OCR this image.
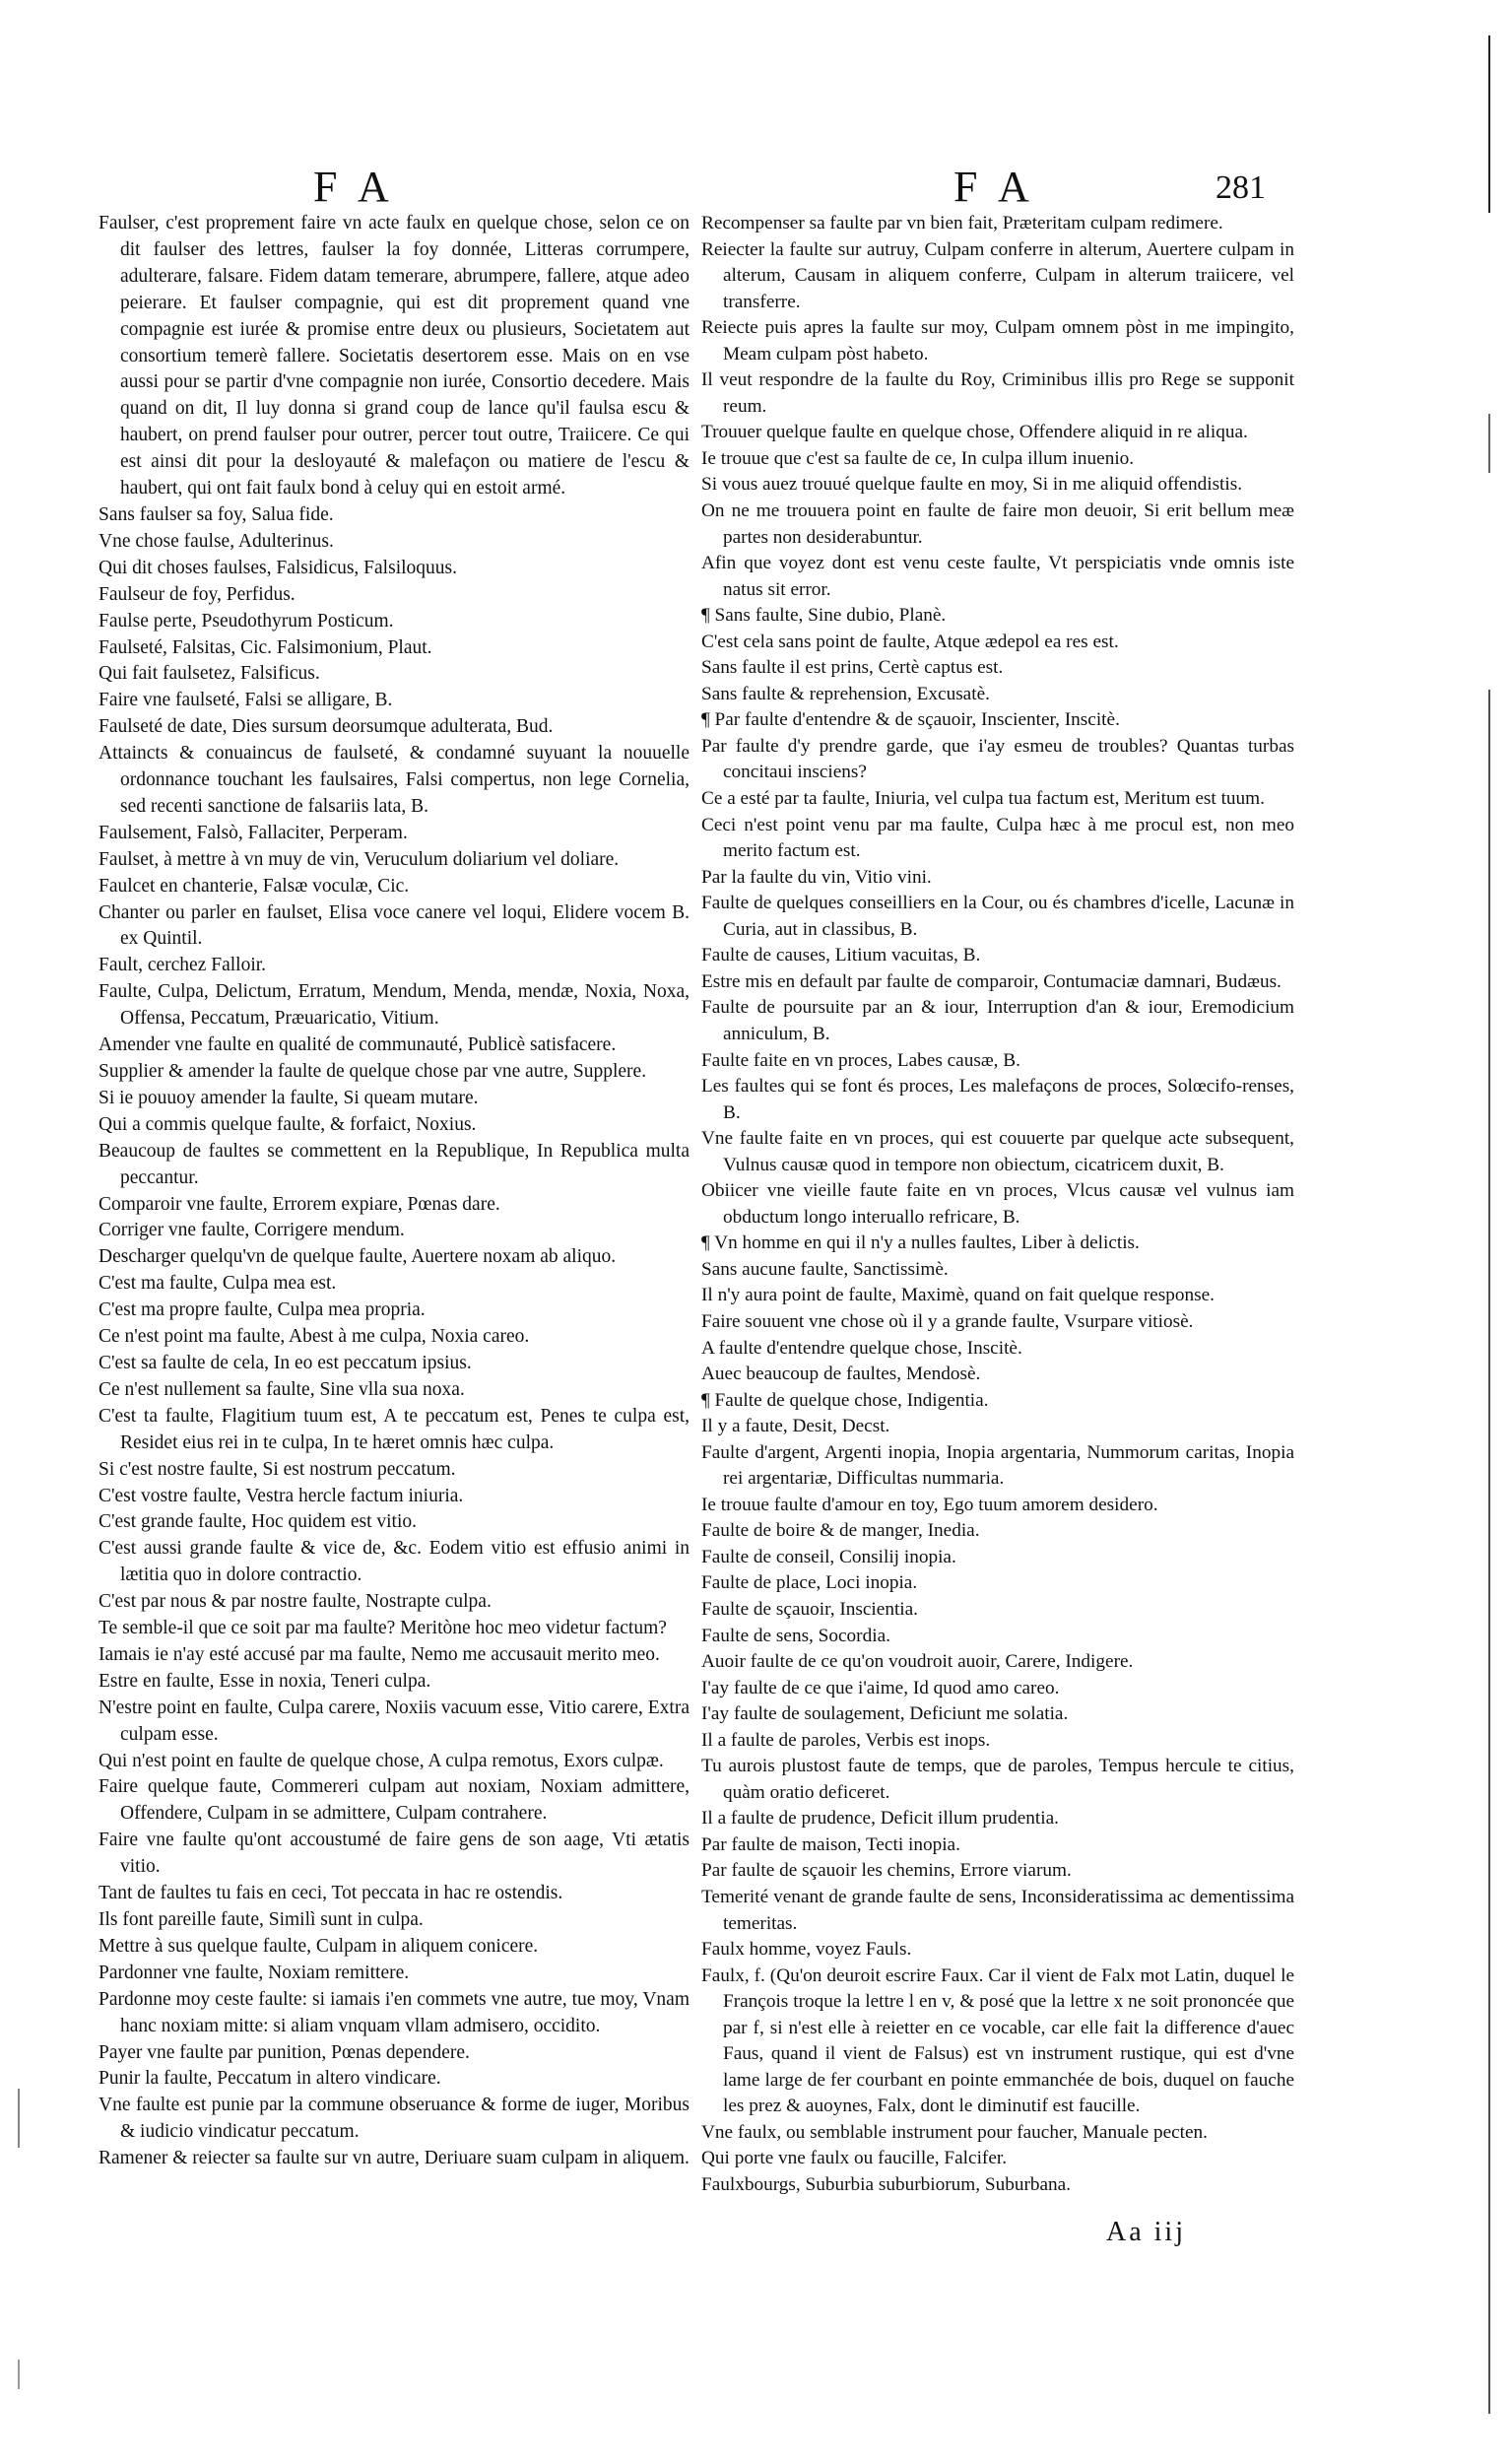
F A	F A	281
Faulser, c'est proprement faire vn acte faulx en quelque chose, selon ce on dit faulser des lettres, faulser la foy donnée, Litteras corrumpere, adulterare, falsare. Fidem datam temerare, abrumpere, fallere, atque adeo peierare. Et faulser compagnie, qui est dit proprement quand vne compagnie est iurée & promise entre deux ou plusieurs, Societatem aut consortium temerè fallere. Societatis desertorem esse. Mais on en vse aussi pour se partir d'vne compagnie non iurée, Consortio decedere. Mais quand on dit, Il luy donna si grand coup de lance qu'il faulsa escu & haubert, on prend faulser pour outrer, percer tout outre, Traiicere. Ce qui est ainsi dit pour la desloyauté & malefaçon ou matiere de l'escu & haubert, qui ont fait faulx bond à celuy qui en estoit armé.
Sans faulser sa foy, Salua fide.
Vne chose faulse, Adulterinus.
Qui dit choses faulses, Falsidicus, Falsiloquus.
Faulseur de foy, Perfidus.
Faulse perte, Pseudothyrum Posticum.
Faulseté, Falsitas, Cic. Falsimonium, Plaut.
Qui fait faulsetez, Falsificus.
Faire vne faulseté, Falsi se alligare, B.
Faulseté de date, Dies sursum deorsumque adulterata, Bud.
Attaincts & conuaincus de faulseté, & condamné suyuant la nouuelle ordonnance touchant les faulsaires, Falsi compertus, non lege Cornelia, sed recenti sanctione de falsariis lata, B.
Faulsement, Falsò, Fallaciter, Perperam.
Faulset, à mettre à vn muy de vin, Veruculum doliarium vel doliare.
Faulcet en chanterie, Falsæ voculæ, Cic.
Chanter ou parler en faulset, Elisa voce canere vel loqui, Elidere vocem B. ex Quintil.
Fault, cerchez Falloir.
Faulte, Culpa, Delictum, Erratum, Mendum, Menda, mendæ, Noxia, Noxa, Offensa, Peccatum, Præuaricatio, Vitium.
Amender vne faulte en qualité de communauté, Publicè satisfacere.
Supplier & amender la faulte de quelque chose par vne autre, Supplere.
Si ie pouuoy amender la faulte, Si queam mutare.
Qui a commis quelque faulte, & forfaict, Noxius.
Beaucoup de faultes se commettent en la Republique, In Republica multa peccantur.
Comparoir vne faulte, Errorem expiare, Pœnas dare.
Corriger vne faulte, Corrigere mendum.
Descharger quelqu'vn de quelque faulte, Auertere noxam ab aliquo.
C'est ma faulte, Culpa mea est.
C'est ma propre faulte, Culpa mea propria.
Ce n'est point ma faulte, Abest à me culpa, Noxia careo.
C'est sa faulte de cela, In eo est peccatum ipsius.
Ce n'est nullement sa faulte, Sine vlla sua noxa.
C'est ta faulte, Flagitium tuum est, A te peccatum est, Penes te culpa est, Residet eius rei in te culpa, In te hæret omnis hæc culpa.
Si c'est nostre faulte, Si est nostrum peccatum.
C'est vostre faulte, Vestra hercle factum iniuria.
C'est grande faulte, Hoc quidem est vitio.
C'est aussi grande faulte & vice de, &c. Eodem vitio est effusio animi in lætitia quo in dolore contractio.
C'est par nous & par nostre faulte, Nostrapte culpa.
Te semble-il que ce soit par ma faulte? Meritòne hoc meo videtur factum?
Iamais ie n'ay esté accusé par ma faulte, Nemo me accusauit merito meo.
Estre en faulte, Esse in noxia, Teneri culpa.
N'estre point en faulte, Culpa carere, Noxiis vacuum esse, Vitio carere, Extra culpam esse.
Qui n'est point en faulte de quelque chose, A culpa remotus, Exors culpæ.
Faire quelque faute, Commereri culpam aut noxiam, Noxiam admittere, Offendere, Culpam in se admittere, Culpam contrahere.
Faire vne faulte qu'ont accoustumé de faire gens de son aage, Vti ætatis vitio.
Tant de faultes tu fais en ceci, Tot peccata in hac re ostendis.
Ils font pareille faute, Similì sunt in culpa.
Mettre à sus quelque faulte, Culpam in aliquem conicere.
Pardonner vne faulte, Noxiam remittere.
Pardonne moy ceste faulte: si iamais i'en commets vne autre, tue moy, Vnam hanc noxiam mitte: si aliam vnquam vllam admisero, occidito.
Payer vne faulte par punition, Pœnas dependere.
Punir la faulte, Peccatum in altero vindicare.
Vne faulte est punie par la commune obseruance & forme de iuger, Moribus & iudicio vindicatur peccatum.
Ramener & reiecter sa faulte sur vn autre, Deriuare suam culpam in aliquem.
Recompenser sa faulte par vn bien fait, Præteritam culpam redimere.
Reiecter la faulte sur autruy, Culpam conferre in alterum, Auertere culpam in alterum, Causam in aliquem conferre, Culpam in alterum traiicere, vel transferre.
Reiecte puis apres la faulte sur moy, Culpam omnem pòst in me impingito, Meam culpam pòst habeto.
Il veut respondre de la faulte du Roy, Criminibus illis pro Rege se supponit reum.
Trouuer quelque faulte en quelque chose, Offendere aliquid in re aliqua.
Ie trouue que c'est sa faulte de ce, In culpa illum inuenio.
Si vous auez trouué quelque faulte en moy, Si in me aliquid offendistis.
On ne me trouuera point en faulte de faire mon deuoir, Si erit bellum meæ partes non desiderabuntur.
Afin que voyez dont est venu ceste faulte, Vt perspiciatis vnde omnis iste natus sit error.
¶ Sans faulte, Sine dubio, Planè.
C'est cela sans point de faulte, Atque ædepol ea res est.
Sans faulte il est prins, Certè captus est.
Sans faulte & reprehension, Excusatè.
¶ Par faulte d'entendre & de sçauoir, Inscienter, Inscitè.
Par faulte d'y prendre garde, que i'ay esmeu de troubles? Quantas turbas concitaui insciens?
Ce a esté par ta faulte, Iniuria, vel culpa tua factum est, Meritum est tuum.
Ceci n'est point venu par ma faulte, Culpa hæc à me procul est, non meo merito factum est.
Par la faulte du vin, Vitio vini.
Faulte de quelques conseilliers en la Cour, ou és chambres d'icelle, Lacunæ in Curia, aut in classibus, B.
Faulte de causes, Litium vacuitas, B.
Estre mis en default par faulte de comparoir, Contumaciæ damnari, Budæus.
Faulte de poursuite par an & iour, Interruption d'an & iour, Eremodicium anniculum, B.
Faulte faite en vn proces, Labes causæ, B.
Les faultes qui se font és proces, Les malefaçons de proces, Solœcifo-renses, B.
Vne faulte faite en vn proces, qui est couuerte par quelque acte subsequent, Vulnus causæ quod in tempore non obiectum, cicatricem duxit, B.
Obiicer vne vieille faute faite en vn proces, Vlcus causæ vel vulnus iam obductum longo interuallo refricare, B.
¶ Vn homme en qui il n'y a nulles faultes, Liber à delictis.
Sans aucune faulte, Sanctissimè.
Il n'y aura point de faulte, Maximè, quand on fait quelque response.
Faire souuent vne chose où il y a grande faulte, Vsurpare vitiosè.
A faulte d'entendre quelque chose, Inscitè.
Auec beaucoup de faultes, Mendosè.
¶ Faulte de quelque chose, Indigentia.
Il y a faute, Desit, Decst.
Faulte d'argent, Argenti inopia, Inopia argentaria, Nummorum caritas, Inopia rei argentariæ, Difficultas nummaria.
Ie trouue faulte d'amour en toy, Ego tuum amorem desidero.
Faulte de boire & de manger, Inedia.
Faulte de conseil, Consilij inopia.
Faulte de place, Loci inopia.
Faulte de sçauoir, Inscientia.
Faulte de sens, Socordia.
Auoir faulte de ce qu'on voudroit auoir, Carere, Indigere.
I'ay faulte de ce que i'aime, Id quod amo careo.
I'ay faulte de soulagement, Deficiunt me solatia.
Il a faulte de paroles, Verbis est inops.
Tu aurois plustost faute de temps, que de paroles, Tempus hercule te citius, quàm oratio deficeret.
Il a faulte de prudence, Deficit illum prudentia.
Par faulte de maison, Tecti inopia.
Par faulte de sçauoir les chemins, Errore viarum.
Temerité venant de grande faulte de sens, Inconsideratissima ac dementissima temeritas.
Faulx homme, voyez Fauls.
Faulx, f. (Qu'on deuroit escrire Faux. Car il vient de Falx mot Latin, duquel le François troque la lettre l en v, & posé que la lettre x ne soit prononcée que par f, si n'est elle à reietter en ce vocable, car elle fait la difference d'auec Faus, quand il vient de Falsus) est vn instrument rustique, qui est d'vne lame large de fer courbant en pointe emmanchée de bois, duquel on fauche les prez & auoynes, Falx, dont le diminutif est faucille.
Vne faulx, ou semblable instrument pour faucher, Manuale pecten.
Qui porte vne faulx ou faucille, Falcifer.
Faulxbourgs, Suburbia suburbiorum, Suburbana.
Aa iij
